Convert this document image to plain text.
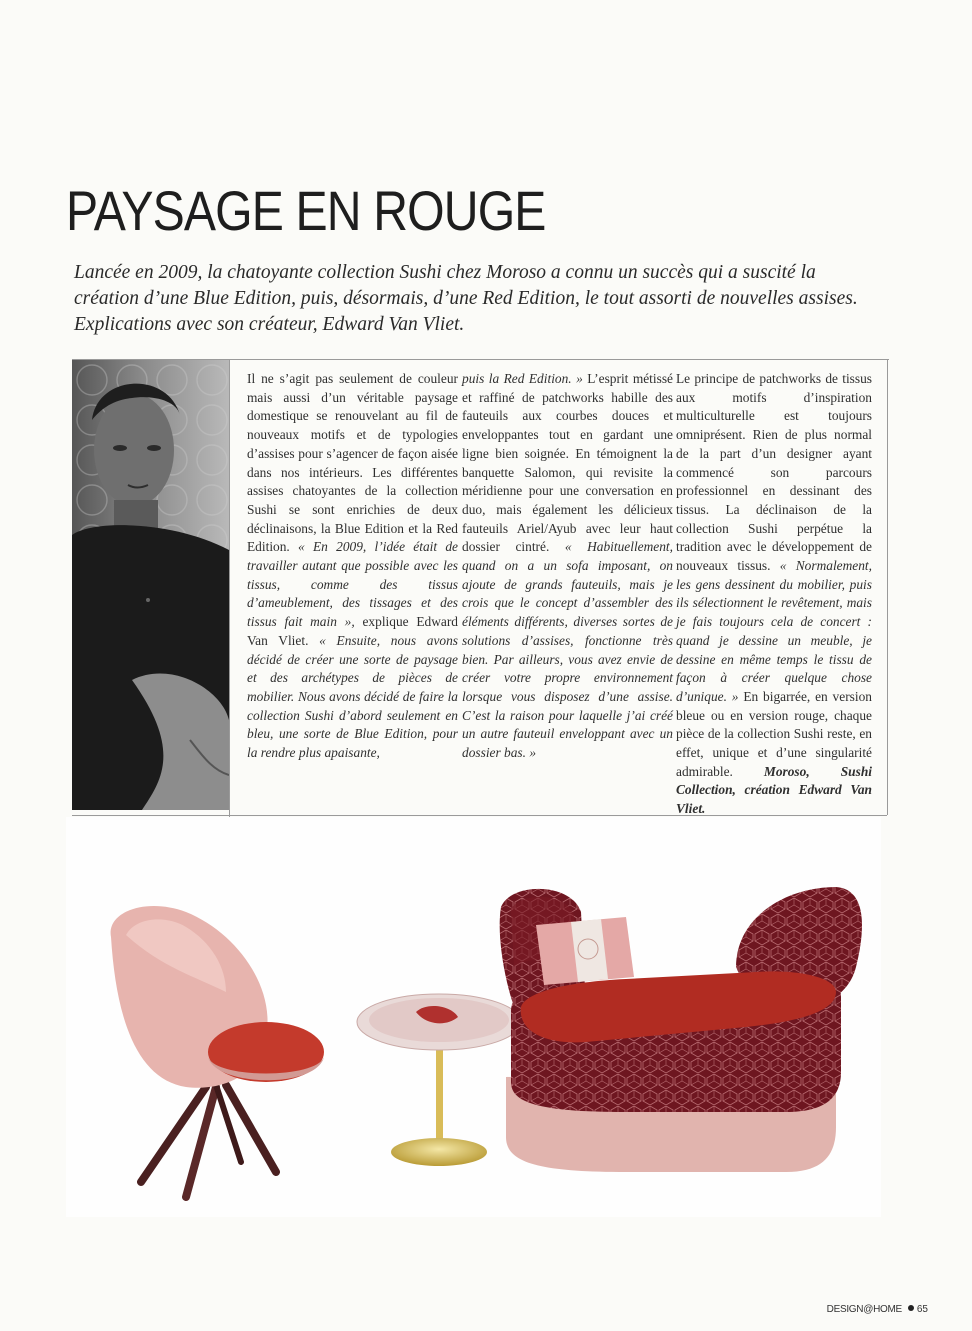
PAYSAGE EN ROUGE

Lancée en 2009, la chatoyante collection Sushi chez Moroso a connu un succès qui a suscité la création d’une Blue Edition, puis, désormais, d’une Red Edition, le tout assorti de nouvelles assises. Explications avec son créateur, Edward Van Vliet.

Il ne s’agit pas seulement de couleur mais aussi d’un véritable paysage domestique se renouvelant au fil de nouveaux motifs et de typologies d’assises pour s’agencer de façon aisée dans nos intérieurs. Les différentes assises chatoyantes de la collection Sushi se sont enrichies de deux déclinaisons, la Blue Edition et la Red Edition. « En 2009, l’idée était de travailler autant que possible avec les tissus, comme des tissus d’ameublement, des tissages et des tissus fait main », explique Edward Van Vliet. « Ensuite, nous avons décidé de créer une sorte de paysage et des archétypes de pièces de mobilier. Nous avons décidé de faire la collection Sushi d’abord seulement en bleu, une sorte de Blue Edition, pour la rendre plus apaisante,

puis la Red Edition. » L’esprit métissé et raffiné de patchworks habille des fauteuils aux courbes douces et enveloppantes tout en gardant une ligne bien soignée. En témoignent la banquette Salomon, qui revisite la méridienne pour une conversation en duo, mais également les délicieux fauteuils Ariel/Ayub avec leur haut dossier cintré. « Habituellement, quand on a un sofa imposant, on ajoute de grands fauteuils, mais je crois que le concept d’assembler des éléments différents, diverses sortes de solutions d’assises, fonctionne très bien. Par ailleurs, vous avez envie de créer votre propre environnement lorsque vous disposez d’une assise. C’est la raison pour laquelle j’ai créé un autre fauteuil enveloppant avec un dossier bas. »

Le principe de patchworks de tissus aux motifs d’inspiration multiculturelle est toujours omniprésent. Rien de plus normal de la part d’un designer ayant commencé son parcours professionnel en dessinant des tissus. La déclinaison de la collection Sushi perpétue la tradition avec le développement de nouveaux tissus. « Normalement, les gens dessinent du mobilier, puis ils sélectionnent le revêtement, mais je fais toujours cela de concert : quand je dessine un meuble, je dessine en même temps le tissu de façon à créer quelque chose d’unique. » En bigarrée, en version bleue ou en version rouge, chaque pièce de la collection Sushi reste, en effet, unique et d’une singularité admirable. Moroso, Sushi Collection, création Edward Van Vliet.

DESIGN@HOME 65
